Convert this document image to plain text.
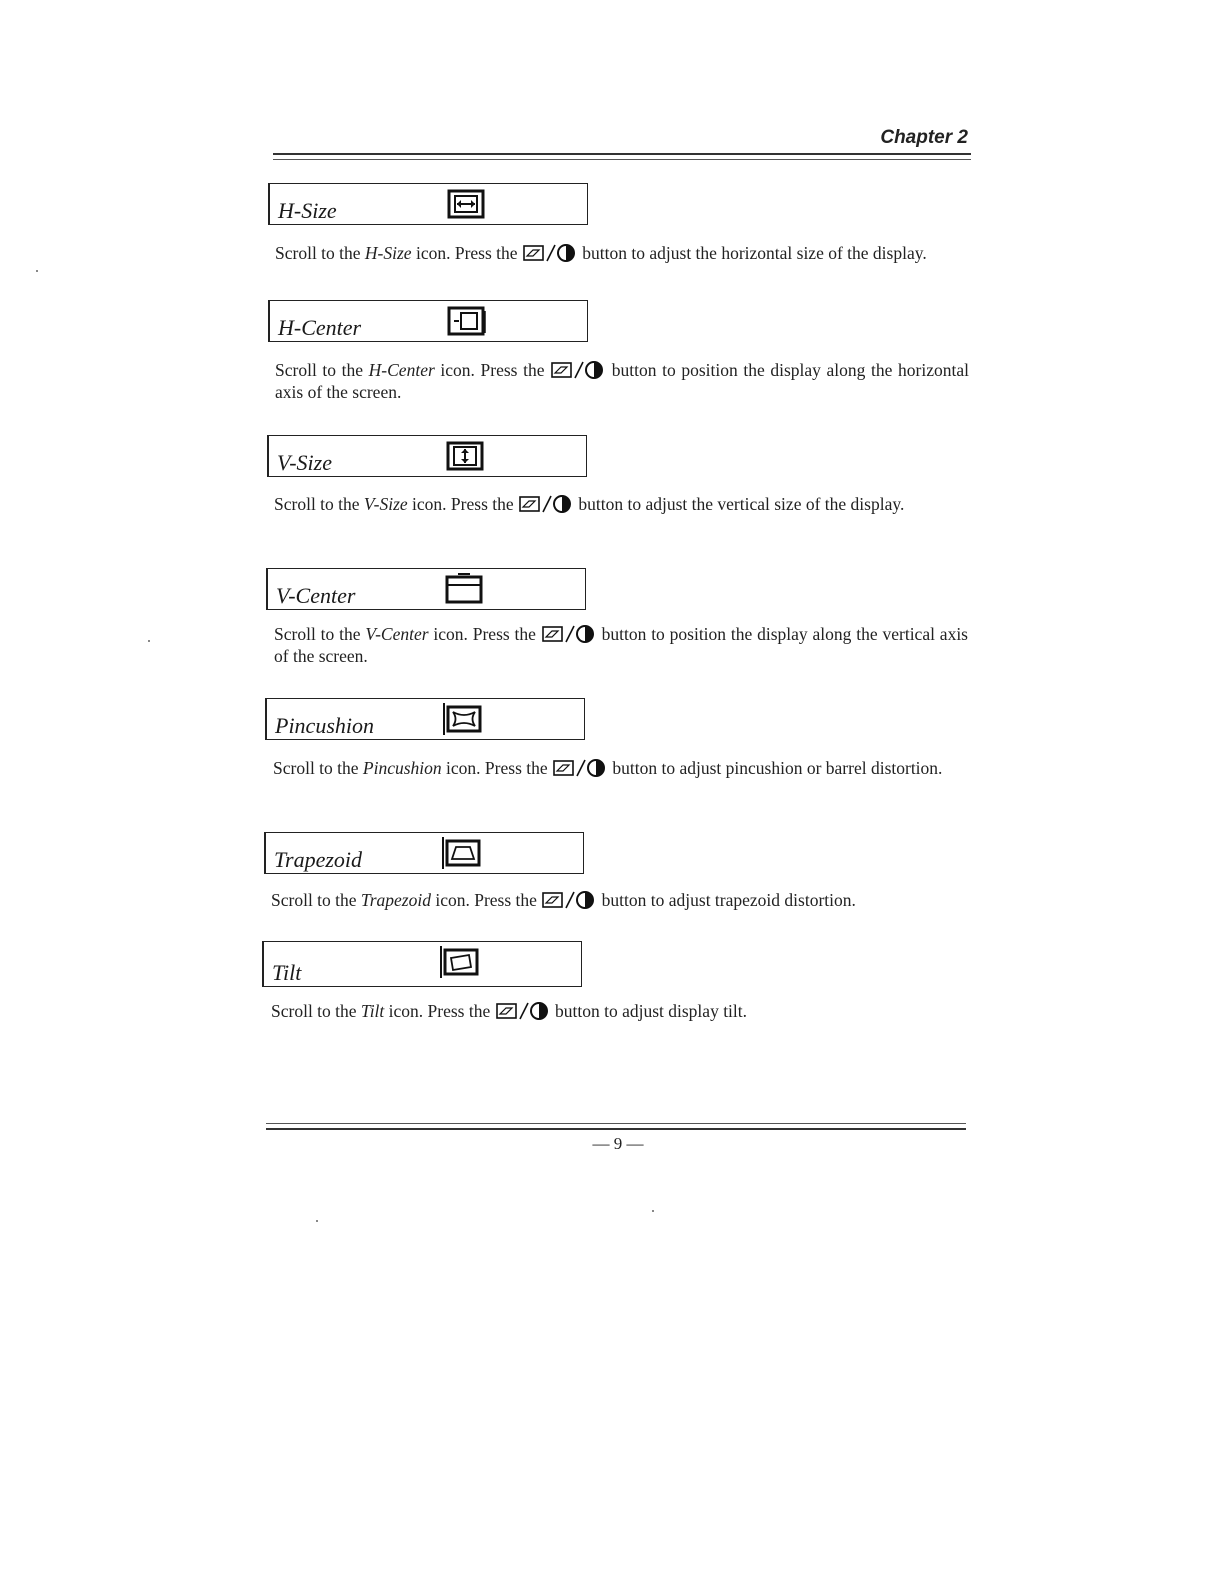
Chapter 2
H-Size
Scroll to the H-Size icon. Press the	button to adjust the horizontal size of the display.
H-Center
Scroll to the H-Center icon. Press the	button to position the display along the horizontal axis of the screen.
V-Size
Scroll to the V-Size icon. Press the	button to adjust the vertical size of the display.
V-Center
Scroll to the V-Center icon. Press the	button to position the display along the vertical axis of the screen.
Pincushion
Scroll to the Pincushion icon. Press the	button to adjust pincushion or barrel distortion.
Trapezoid
Scroll to the Trapezoid icon. Press the	button to adjust trapezoid distortion.
Tilt
Scroll to the Tilt icon. Press the	button to adjust display tilt.
— 9 —
